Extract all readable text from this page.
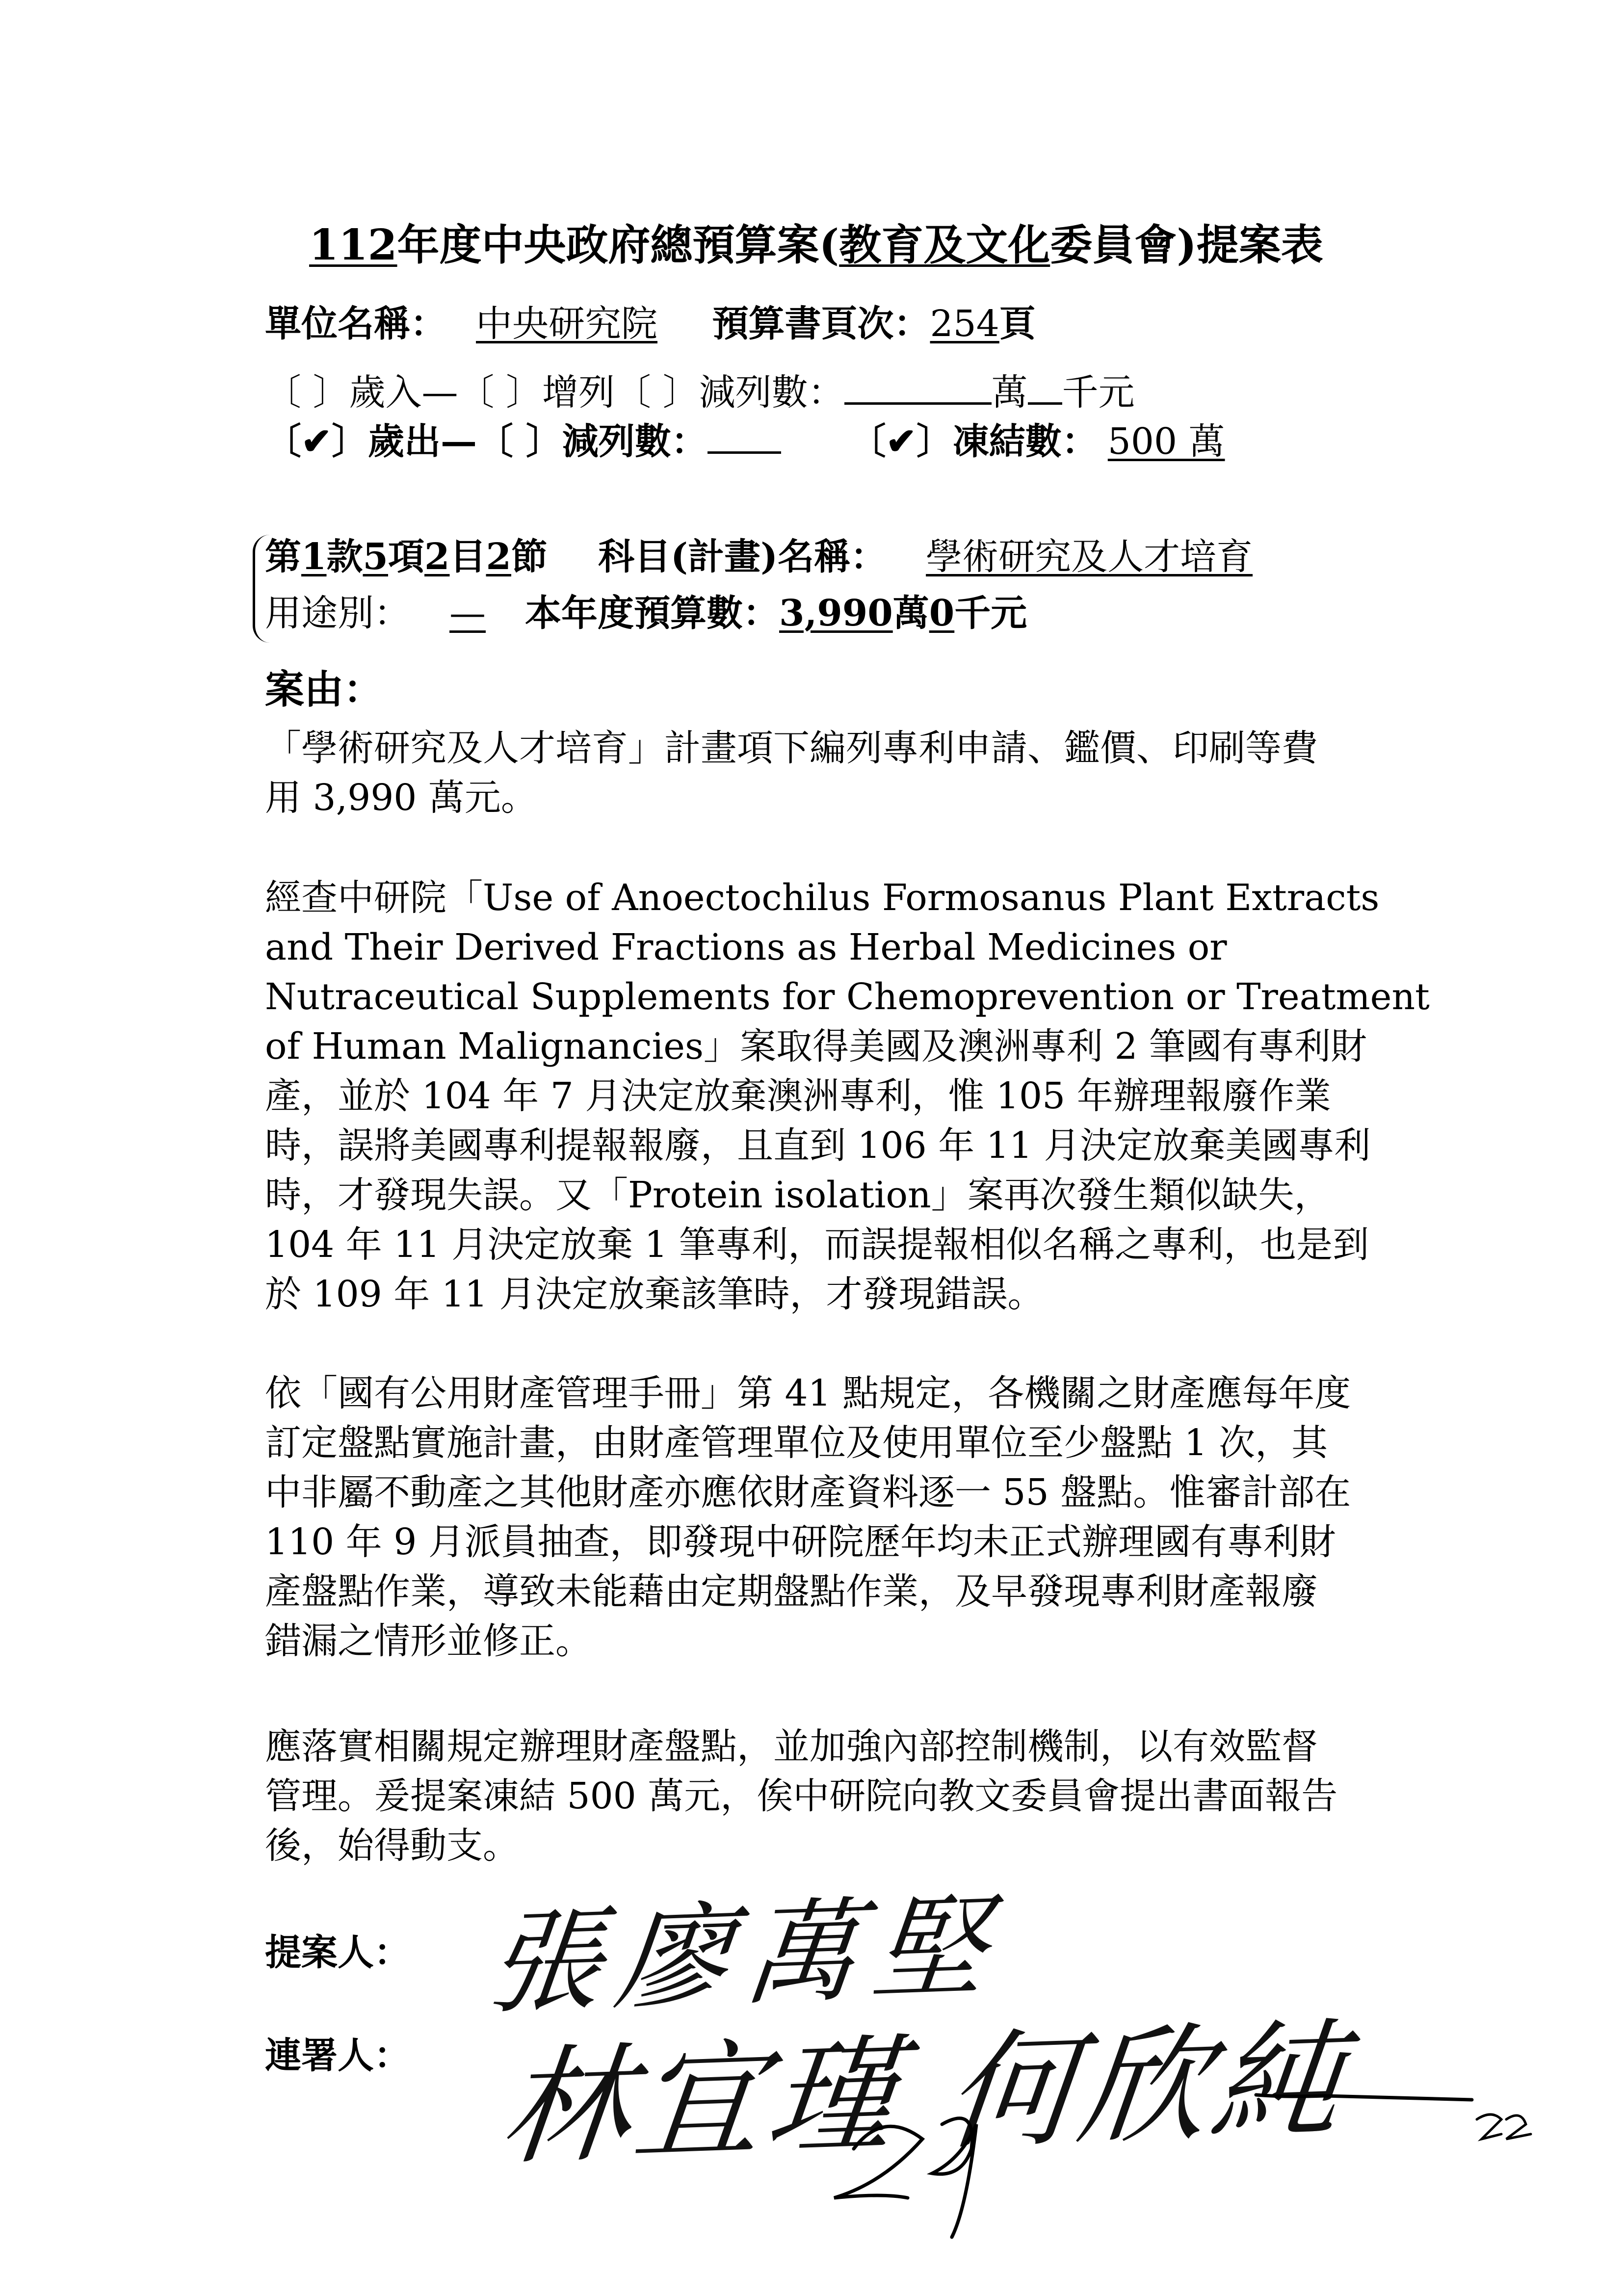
112年度中央政府總預算案(教育及文化委員會)提案表
單位名稱： 中央研究院 預算書頁次：254頁
〔 〕歲入—〔 〕增列〔 〕減列數：	萬 千元
〔✔〕歲出—〔 〕減列數：	〔✔〕凍結數： 500 萬
第1款5項2目2節 科目(計畫)名稱： 學術研究及人才培育
用途別： — 本年度預算數：3,990萬0千元
案由：
「學術研究及人才培育」計畫項下編列專利申請、鑑價、印刷等費
用 3,990 萬元。
經查中研院「Use of Anoectochilus Formosanus Plant Extracts
and Their Derived Fractions as Herbal Medicines or
Nutraceutical Supplements for Chemoprevention or Treatment
of Human Malignancies」案取得美國及澳洲專利 2 筆國有專利財
產，並於 104 年 7 月決定放棄澳洲專利，惟 105 年辦理報廢作業
時，誤將美國專利提報報廢，且直到 106 年 11 月決定放棄美國專利
時，才發現失誤。又「Protein isolation」案再次發生類似缺失，
104 年 11 月決定放棄 1 筆專利，而誤提報相似名稱之專利，也是到
於 109 年 11 月決定放棄該筆時，才發現錯誤。
依「國有公用財產管理手冊」第 41 點規定，各機關之財產應每年度
訂定盤點實施計畫，由財產管理單位及使用單位至少盤點 1 次，其
中非屬不動產之其他財產亦應依財產資料逐一 55 盤點。惟審計部在
110 年 9 月派員抽查，即發現中研院歷年均未正式辦理國有專利財
產盤點作業，導致未能藉由定期盤點作業，及早發現專利財產報廢
錯漏之情形並修正。
應落實相關規定辦理財產盤點，並加強內部控制機制，以有效監督
管理。爰提案凍結 500 萬元，俟中研院向教文委員會提出書面報告
後，始得動支。
提案人：
連署人：
張廖萬堅
林宜瑾 何欣純
